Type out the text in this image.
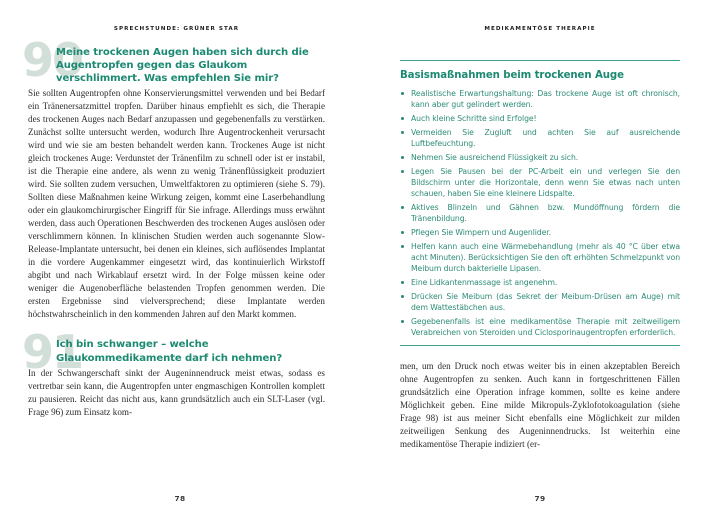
SPRECHSTUNDE: GRÜNER STAR
90
Meine trockenen Augen haben sich durch die Augentropfen gegen das Glaukom verschlimmert. Was empfehlen Sie mir?

Sie sollten Augentropfen ohne Konservierungsmittel verwenden und bei Bedarf ein Tränenersatzmittel tropfen. Darüber hinaus empfiehlt es sich, die Therapie des trockenen Auges nach Bedarf anzupassen und gegebenenfalls zu verstärken. Zunächst sollte untersucht werden, wodurch Ihre Augentrockenheit verursacht wird und wie sie am besten behandelt werden kann. Trockenes Auge ist nicht gleich trockenes Auge: Verdunstet der Tränenfilm zu schnell oder ist er instabil, ist die Therapie eine andere, als wenn zu wenig Tränenflüssigkeit produziert wird. Sie sollten zudem versuchen, Umweltfaktoren zu optimieren (siehe S. 79). Sollten diese Maßnahmen keine Wirkung zeigen, kommt eine Laserbehandlung oder ein glaukomchirurgischer Eingriff für Sie infrage. Allerdings muss erwähnt werden, dass auch Operationen Beschwerden des trockenen Auges auslösen oder verschlimmern können. In klinischen Studien werden auch sogenannte Slow-Release-Implantate untersucht, bei denen ein kleines, sich auflösendes Implantat in die vordere Augenkammer eingesetzt wird, das kontinuierlich Wirkstoff abgibt und nach Wirkablauf ersetzt wird. In der Folge müssen keine oder weniger die Augenoberfläche belastenden Tropfen genommen werden. Die ersten Ergebnisse sind vielversprechend; diese Implantate werden höchstwahrscheinlich in den kommenden Jahren auf den Markt kommen.

91
Ich bin schwanger – welche Glaukommedikamente darf ich nehmen?

In der Schwangerschaft sinkt der Augeninnendruck meist etwas, sodass es vertretbar sein kann, die Augentropfen unter engmaschigen Kontrollen komplett zu pausieren. Reicht das nicht aus, kann grundsätzlich auch ein SLT-Laser (vgl. Frage 96) zum Einsatz kom-

78
MEDIKAMENTÖSE THERAPIE
Basismaßnahmen beim trockenen Auge
Realistische Erwartungshaltung: Das trockene Auge ist oft chronisch, kann aber gut gelindert werden.
Auch kleine Schritte sind Erfolge!
Vermeiden Sie Zugluft und achten Sie auf ausreichende Luftbefeuchtung.
Nehmen Sie ausreichend Flüssigkeit zu sich.
Legen Sie Pausen bei der PC-Arbeit ein und verlegen Sie den Bildschirm unter die Horizontale, denn wenn Sie etwas nach unten schauen, haben Sie eine kleinere Lidspalte.
Aktives Blinzeln und Gähnen bzw. Mundöffnung fördern die Tränenbildung.
Pflegen Sie Wimpern und Augenlider.
Helfen kann auch eine Wärmebehandlung (mehr als 40 °C über etwa acht Minuten). Berücksichtigen Sie den oft erhöhten Schmelzpunkt von Meibum durch bakterielle Lipasen.
Eine Lidkantenmassage ist angenehm.
Drücken Sie Meibum (das Sekret der Meibum-Drüsen am Auge) mit dem Wattestäbchen aus.
Gegebenenfalls ist eine medikamentöse Therapie mit zeitweiligem Verabreichen von Steroiden und Ciclosporinaugentropfen erforderlich.

men, um den Druck noch etwas weiter bis in einen akzeptablen Bereich ohne Augentropfen zu senken. Auch kann in fortgeschrittenen Fällen grundsätzlich eine Operation infrage kommen, sollte es keine andere Möglichkeit geben. Eine milde Mikropuls-Zyklofotokoagulation (siehe Frage 98) ist aus meiner Sicht ebenfalls eine Möglichkeit zur milden zeitweiligen Senkung des Augeninnendrucks. Ist weiterhin eine medikamentöse Therapie indiziert (er-

79
